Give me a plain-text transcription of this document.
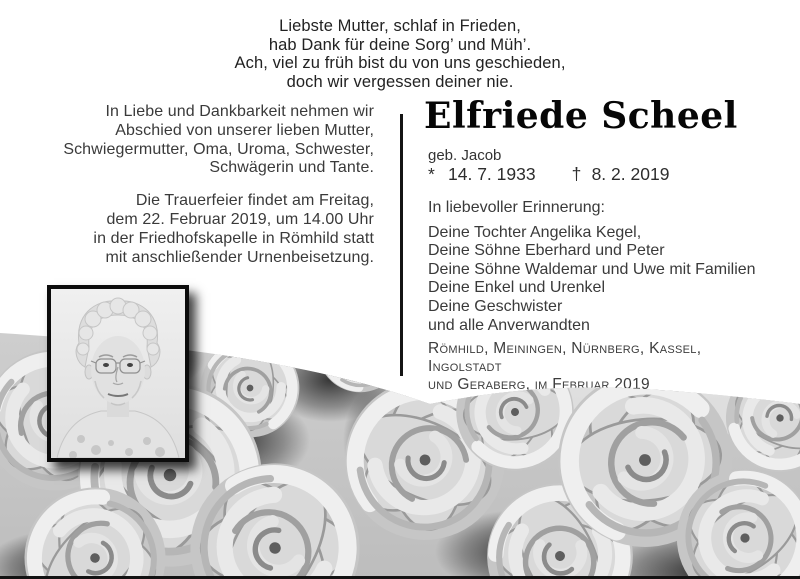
Liebste Mutter, schlaf in Frieden,
hab Dank für deine Sorg’ und Müh’.
Ach, viel zu früh bist du von uns geschieden,
doch wir vergessen deiner nie.
In Liebe und Dankbarkeit nehmen wir
Abschied von unserer lieben Mutter,
Schwiegermutter, Oma, Uroma, Schwester,
Schwägerin und Tante.
Die Trauerfeier findet am Freitag,
dem 22. Februar 2019, um 14.00 Uhr
in der Friedhofskapelle in Römhild statt
mit anschließender Urnenbeisetzung.
Elfriede Scheel
geb. Jacob
* 14. 7. 1933 † 8. 2. 2019
In liebevoller Erinnerung:
Deine Tochter Angelika Kegel,
Deine Söhne Eberhard und Peter
Deine Söhne Waldemar und Uwe mit Familien
Deine Enkel und Urenkel
Deine Geschwister
und alle Anverwandten
Römhild, Meiningen, Nürnberg, Kassel, Ingolstadt
und Geraberg, im Februar 2019
